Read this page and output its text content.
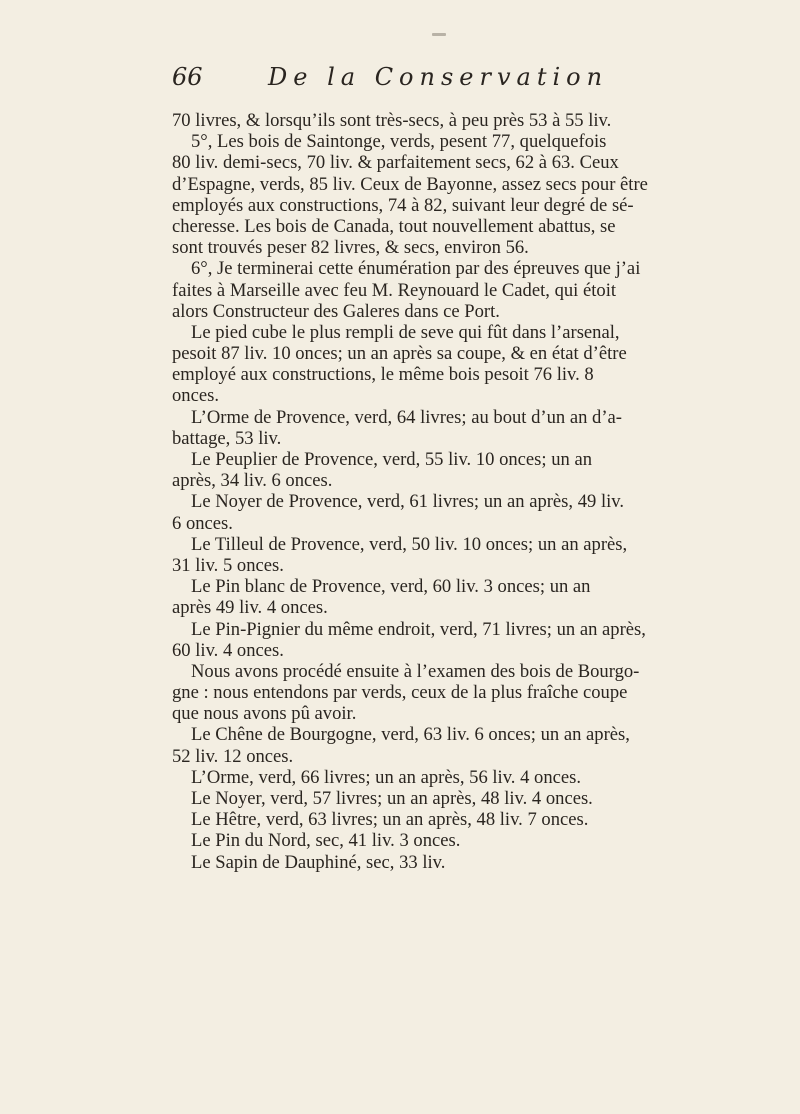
66	De la Conservation
70 livres, & lorsqu’ils sont très-secs, à peu près 53 à 55 liv.
5°, Les bois de Saintonge, verds, pesent 77, quelquefois
80 liv. demi-secs, 70 liv. & parfaitement secs, 62 à 63. Ceux
d’Espagne, verds, 85 liv. Ceux de Bayonne, assez secs pour être
employés aux constructions, 74 à 82, suivant leur degré de sé-
cheresse. Les bois de Canada, tout nouvellement abattus, se
sont trouvés peser 82 livres, & secs, environ 56.
6°, Je terminerai cette énumération par des épreuves que j’ai
faites à Marseille avec feu M. Reynouard le Cadet, qui étoit
alors Constructeur des Galeres dans ce Port.
Le pied cube le plus rempli de seve qui fût dans l’arsenal,
pesoit 87 liv. 10 onces; un an après sa coupe, & en état d’être
employé aux constructions, le même bois pesoit 76 liv. 8
onces.
L’Orme de Provence, verd, 64 livres; au bout d’un an d’a-
battage, 53 liv.
Le Peuplier de Provence, verd, 55 liv. 10 onces; un an
après, 34 liv. 6 onces.
Le Noyer de Provence, verd, 61 livres; un an après, 49 liv.
6 onces.
Le Tilleul de Provence, verd, 50 liv. 10 onces; un an après,
31 liv. 5 onces.
Le Pin blanc de Provence, verd, 60 liv. 3 onces; un an
après 49 liv. 4 onces.
Le Pin-Pignier du même endroit, verd, 71 livres; un an après,
60 liv. 4 onces.
Nous avons procédé ensuite à l’examen des bois de Bourgo-
gne : nous entendons par verds, ceux de la plus fraîche coupe
que nous avons pû avoir.
Le Chêne de Bourgogne, verd, 63 liv. 6 onces; un an après,
52 liv. 12 onces.
L’Orme, verd, 66 livres; un an après, 56 liv. 4 onces.
Le Noyer, verd, 57 livres; un an après, 48 liv. 4 onces.
Le Hêtre, verd, 63 livres; un an après, 48 liv. 7 onces.
Le Pin du Nord, sec, 41 liv. 3 onces.
Le Sapin de Dauphiné, sec, 33 liv.
